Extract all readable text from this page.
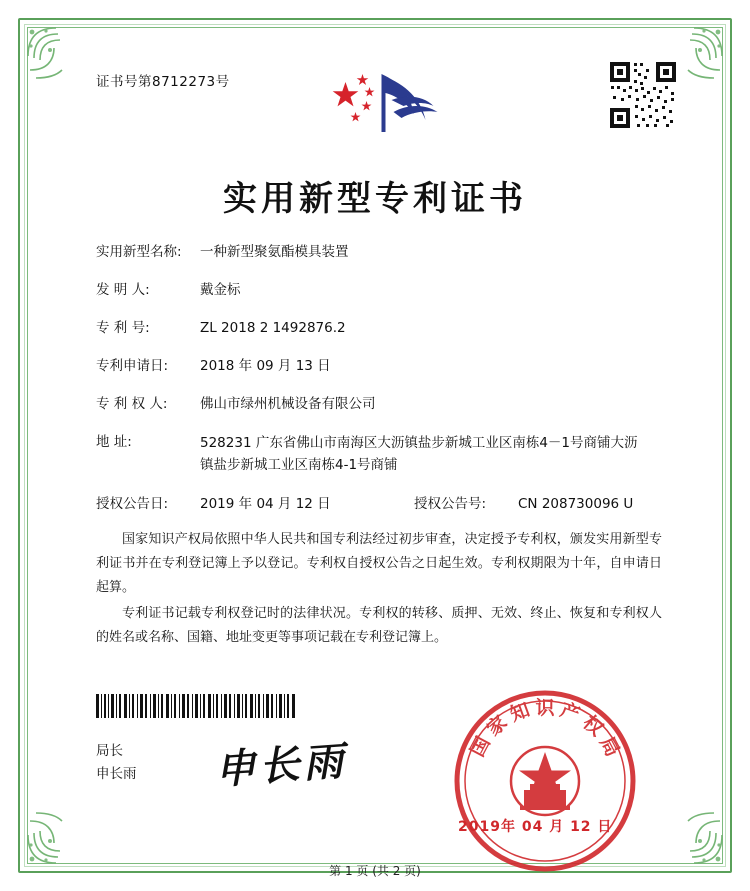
证书号第8712273号
实用新型专利证书
实用新型名称: 一种新型聚氨酯模具装置
发 明 人:	戴金标
专 利 号:	ZL 2018 2 1492876.2
专利申请日: 2018 年 09 月 13 日
专 利 权 人: 佛山市绿州机械设备有限公司
地 址:	528231 广东省佛山市南海区大沥镇盐步新城工业区南栋4－1号商铺大沥镇盐步新城工业区南栋4-1号商铺
授权公告日: 2019 年 04 月 12 日	授权公告号: CN 208730096 U

国家知识产权局依照中华人民共和国专利法经过初步审查，决定授予专利权，颁发实用新型专利证书并在专利登记簿上予以登记。专利权自授权公告之日起生效。专利权期限为十年，自申请日起算。

专利证书记载专利权登记时的法律状况。专利权的转移、质押、无效、终止、恢复和专利权人的姓名或名称、国籍、地址变更等事项记载在专利登记簿上。

局长
申长雨 申长雨	国
家
知 识 产
权
局
2019年 04 月 12 日
第 1 页 (共 2 页)
